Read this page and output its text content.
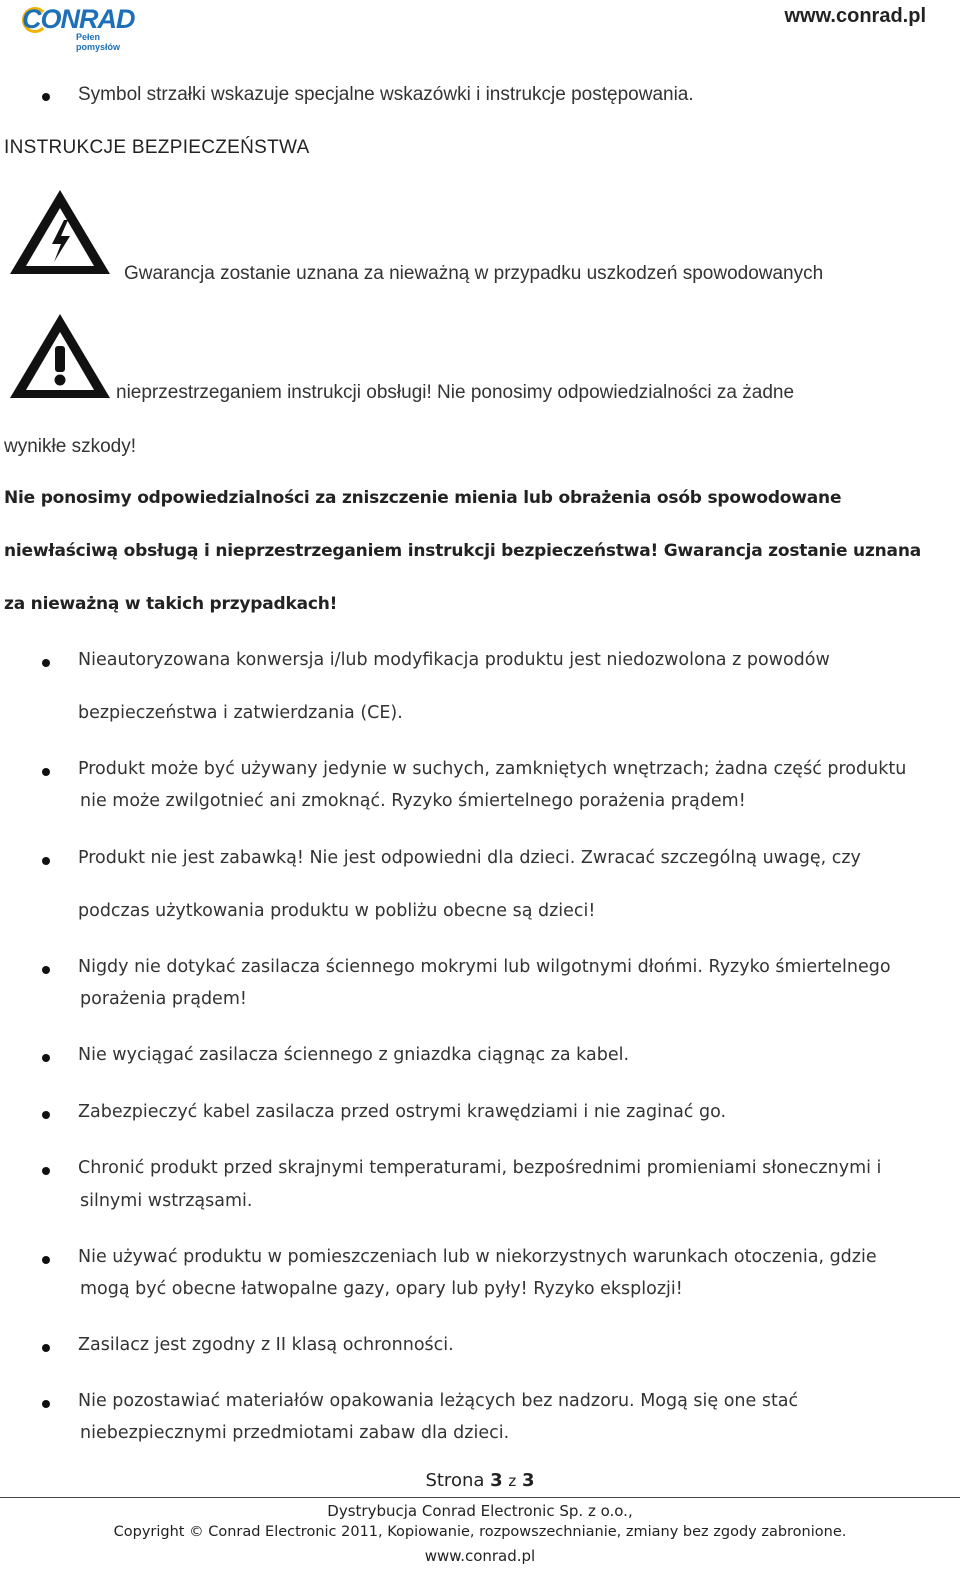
CONRAD
Pełen pomysłów
www.conrad.pl
Symbol strzałki wskazuje specjalne wskazówki i instrukcje postępowania.
INSTRUKCJE BEZPIECZEŃSTWA
Gwarancja zostanie uznana za nieważną w przypadku uszkodzeń spowodowanych
nieprzestrzeganiem instrukcji obsługi! Nie ponosimy odpowiedzialności za żadne
wynikłe szkody!
Nie ponosimy odpowiedzialności za zniszczenie mienia lub obrażenia osób spowodowane
niewłaściwą obsługą i nieprzestrzeganiem instrukcji bezpieczeństwa! Gwarancja zostanie uznana
za nieważną w takich przypadkach!
Nieautoryzowana konwersja i/lub modyfikacja produktu jest niedozwolona z powodów
bezpieczeństwa i zatwierdzania (CE).
Produkt może być używany jedynie w suchych, zamkniętych wnętrzach; żadna część produktu
nie może zwilgotnieć ani zmoknąć. Ryzyko śmiertelnego porażenia prądem!
Produkt nie jest zabawką! Nie jest odpowiedni dla dzieci. Zwracać szczególną uwagę, czy
podczas użytkowania produktu w pobliżu obecne są dzieci!
Nigdy nie dotykać zasilacza ściennego mokrymi lub wilgotnymi dłońmi. Ryzyko śmiertelnego
porażenia prądem!
Nie wyciągać zasilacza ściennego z gniazdka ciągnąc za kabel.
Zabezpieczyć kabel zasilacza przed ostrymi krawędziami i nie zaginać go.
Chronić produkt przed skrajnymi temperaturami, bezpośrednimi promieniami słonecznymi i
silnymi wstrząsami.
Nie używać produktu w pomieszczeniach lub w niekorzystnych warunkach otoczenia, gdzie
mogą być obecne łatwopalne gazy, opary lub pyły! Ryzyko eksplozji!
Zasilacz jest zgodny z II klasą ochronności.
Nie pozostawiać materiałów opakowania leżących bez nadzoru. Mogą się one stać
niebezpiecznymi przedmiotami zabaw dla dzieci.
Strona 3 z 3
Dystrybucja Conrad Electronic Sp. z o.o.,
Copyright © Conrad Electronic 2011, Kopiowanie, rozpowszechnianie, zmiany bez zgody zabronione.
www.conrad.pl
